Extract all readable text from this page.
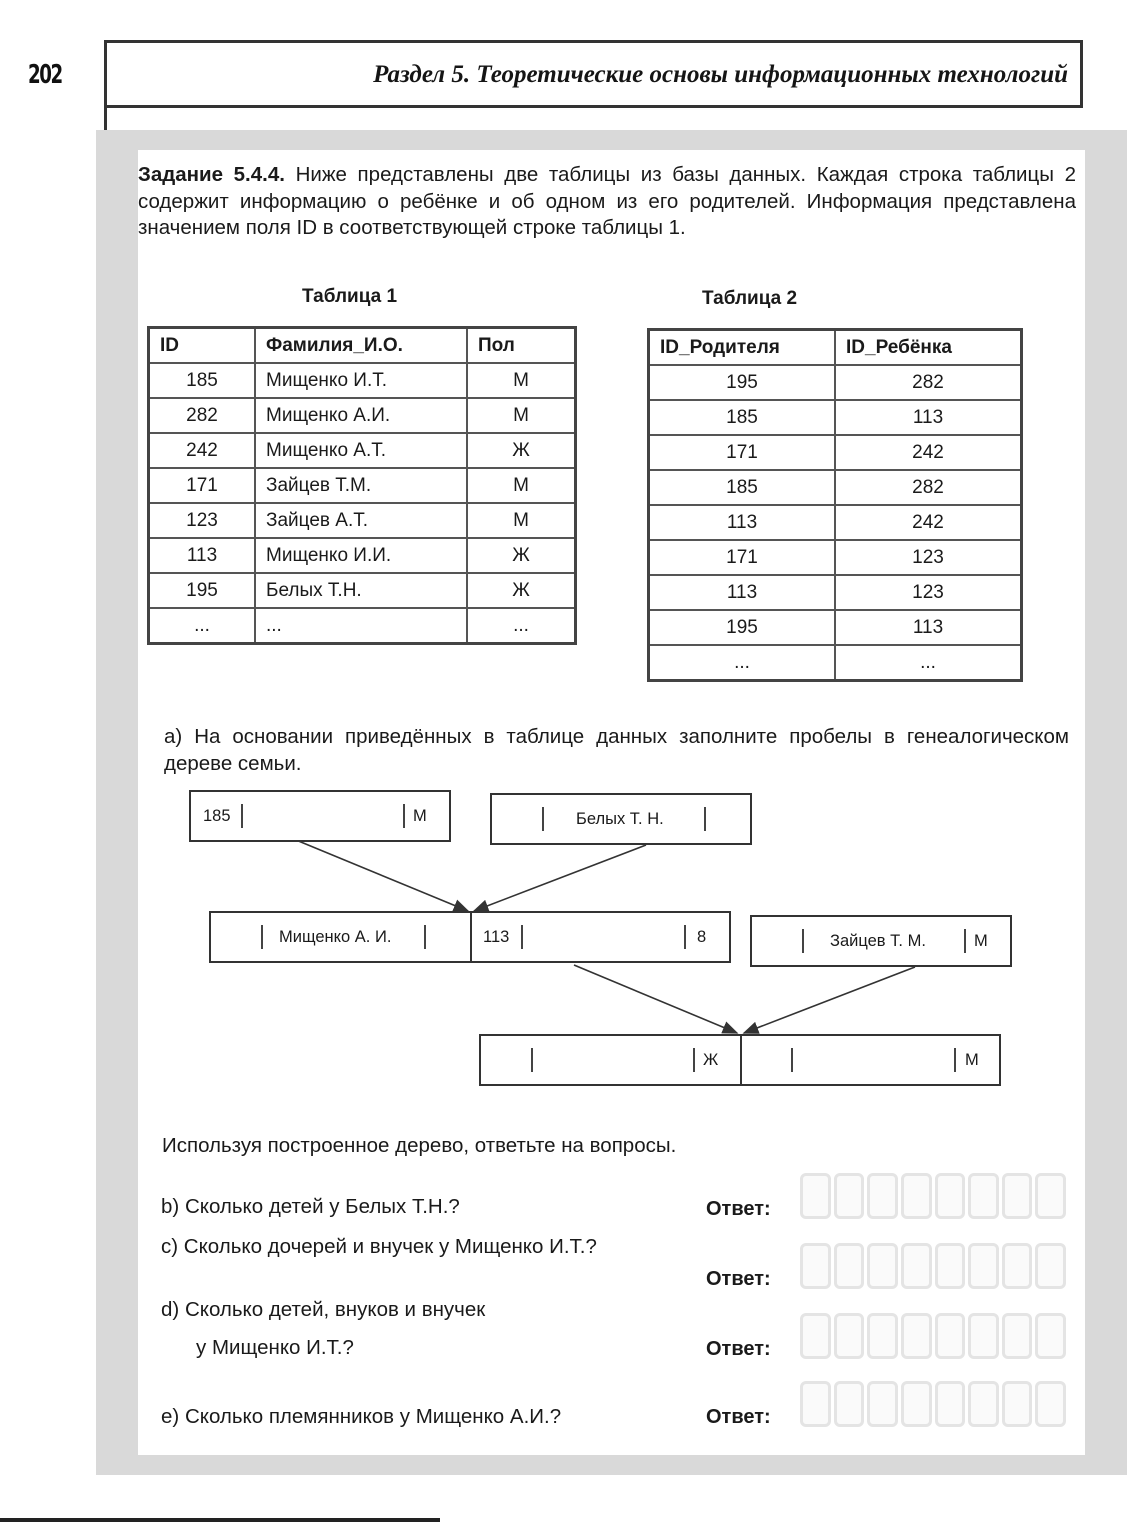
202	Раздел 5. Теоретические основы информационных технологий
Задание 5.4.4. Ниже представлены две таблицы из базы данных. Каждая строка таблицы 2 содержит информацию о ребёнке и об одном из его родителей. Информация представлена значением поля ID в соответствующей строке таблицы 1.
Таблица 1
ID	Фамилия_И.О.	Пол
185	Мищенко И.Т.	М
282	Мищенко А.И.	М
242	Мищенко А.Т.	Ж
171	Зайцев Т.М.	М
123	Зайцев А.Т.	М
113	Мищенко И.И.	Ж
195	Белых Т.Н.	Ж
...	...	...
Таблица 2
ID_Родителя	ID_Ребёнка
195	282
185	113
171	242
185	282
113	242
171	123
113	123
195	113
...	...
а) На основании приведённых в таблице данных заполните пробелы в генеалогическом дереве семьи.
185	М	Белых Т. Н.
Мищенко А. И.	113	8	Зайцев Т. М.	М
Ж	М
Используя построенное дерево, ответьте на вопросы.
b) Сколько детей у Белых Т.Н.?	Ответ:
c) Сколько дочерей и внучек у Мищенко И.Т.?
Ответ:
d) Сколько детей, внуков и внучек
у Мищенко И.Т.?	Ответ:
e) Сколько племянников у Мищенко А.И.?	Ответ:
